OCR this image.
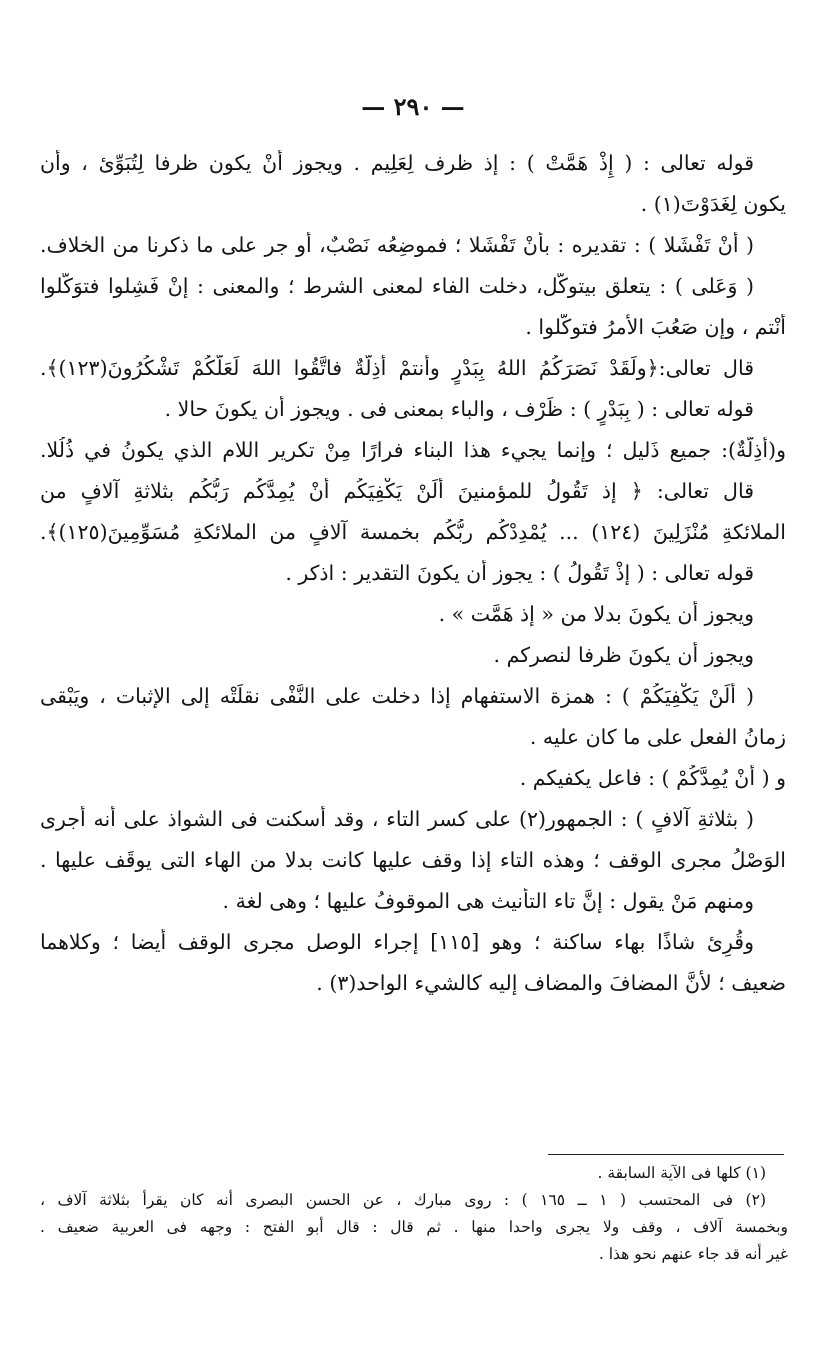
— ٢٩٠ —

قوله تعالى : ( إِذْ هَمَّتْ ) : إذ ظرف لِعَلِيم . ويجوز أَنْ يكون ظرفا لِتُبَوِّئ ، وأن

يكون لِغَدَوْتَ(١) .

( أَنْ تَفْشَلا ) : تقديره : بأَنْ تَفْشَلا ؛ فموضِعُه نَصْبٌ، أو جر على ما ذكرنا من الخلاف.

( وَعَلى ) : يتعلق بيتوكّل، دخلت الفاء لمعنى الشرط ؛ والمعنى : إنْ فَشِلوا فتوَكّلوا

أنْتم ، وإن صَعُبَ الأمرُ فتوكّلوا .

قال تعالى:﴿ولَقَدْ نَصَرَكُمُ اللهُ بِبَدْرٍ وأنتمْ أذِلَّةٌ فاتَّقُوا اللهَ لَعَلَّكُمْ تَشْكُرُونَ(١٢٣)﴾.

قوله تعالى : ( بِبَدْرٍ ) : ظَرْف ، والباء بمعنى فى . ويجوز أن يكونَ حالا .

و(أذِلَّةٌ): جميع ذَليل ؛ وإنما يجيء هذا البناء فرارًا مِنْ تكرير اللام الذي يكونُ في ذُلُلا.

قال تعالى: ﴿ إذ تَقُولُ للمؤمنينَ أَلَنْ يَكْفِيَكُم أنْ يُمِدَّكُم رَبُّكُم بثلاثةِ آلافٍ من

الملائكةِ مُنْزَلِينَ (١٢٤) ... يُمْدِدْكُم ربُّكُم بخمسة آلافٍ من الملائكةِ مُسَوِّمِينَ(١٢٥)﴾.

قوله تعالى : ( إذْ تَقُولُ ) : يجوز أن يكونَ التقدير : اذكر .

ويجوز أن يكونَ بدلا من « إذ هَمَّت » .

ويجوز أن يكونَ ظرفا لنصركم .

( أَلَنْ يَكْفِيَكُمْ ) : همزة الاستفهام إذا دخلت على النَّفْى نقلَتْه إلى الإثبات ، ويَبْقى

زمانُ الفعل على ما كان عليه .

و ( أنْ يُمِدَّكُمْ ) : فاعل يكفيكم .

( بثلاثةِ آلافٍ ) : الجمهور(٢) على كسر التاء ، وقد أسكنت فى الشواذ على أنه أُجرى

الوَصْلُ مجرى الوقف ؛ وهذه التاء إذا وقف عليها كانت بدلا من الهاء التى يوقَف عليها .

ومنهم مَنْ يقول : إنَّ تاء التأنيث هى الموقوفُ عليها ؛ وهى لغة .

وقُرِئ شاذًا بهاء ساكنة ؛ وهو [١١٥] إجراء الوصل مجرى الوقف أيضا ؛ وكلاهما

ضعيف ؛ لأنَّ المضافَ والمضاف إليه كالشيء الواحد(٣) .

(١) كلها فى الآية السابقة .

(٢) فى المحتسب ( ١ ــ ١٦٥ ) : روى مبارك ، عن الحسن البصرى أنه كان يقرأ بثلاثة آلاف ،

وبخمسة آلاف ، وقف ولا يجرى واحدا منها . ثم قال : قال أبو الفتح : وجهه فى العربية ضعيف .

غير أنه قد جاء عنهم نحو هذا .
